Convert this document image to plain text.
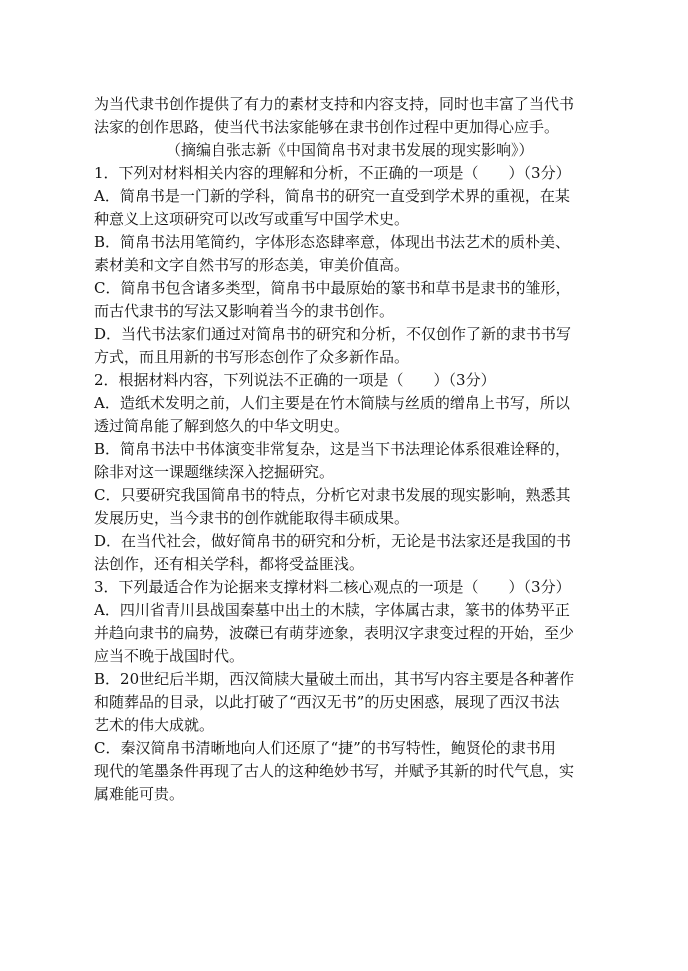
为当代隶书创作提供了有力的素材支持和内容支持，同时也丰富了当代书

法家的创作思路，使当代书法家能够在隶书创作过程中更加得心应手。

（摘编自张志新《中国简帛书对隶书发展的现实影响》）

1．下列对材料相关内容的理解和分析，不正确的一项是（　　）（3分）

A．简帛书是一门新的学科，简帛书的研究一直受到学术界的重视，在某

种意义上这项研究可以改写或重写中国学术史。

B．简帛书法用笔简约，字体形态恣肆率意，体现出书法艺术的质朴美、

素材美和文字自然书写的形态美，审美价值高。

C．简帛书包含诸多类型，简帛书中最原始的篆书和草书是隶书的雏形，

而古代隶书的写法又影响着当今的隶书创作。

D．当代书法家们通过对简帛书的研究和分析，不仅创作了新的隶书书写

方式，而且用新的书写形态创作了众多新作品。

2．根据材料内容，下列说法不正确的一项是（　　）（3分）

A．造纸术发明之前，人们主要是在竹木简牍与丝质的缯帛上书写，所以

透过简帛能了解到悠久的中华文明史。

B．简帛书法中书体演变非常复杂，这是当下书法理论体系很难诠释的，

除非对这一课题继续深入挖掘研究。

C．只要研究我国简帛书的特点，分析它对隶书发展的现实影响，熟悉其

发展历史，当今隶书的创作就能取得丰硕成果。

D．在当代社会，做好简帛书的研究和分析，无论是书法家还是我国的书

法创作，还有相关学科，都将受益匪浅。

3．下列最适合作为论据来支撑材料二核心观点的一项是（　　）（3分）

A．四川省青川县战国秦墓中出土的木牍，字体属古隶，篆书的体势平正

并趋向隶书的扁势，波磔已有萌芽迹象，表明汉字隶变过程的开始，至少

应当不晚于战国时代。

B．20世纪后半期，西汉简牍大量破土而出，其书写内容主要是各种著作

和随葬品的目录，以此打破了“西汉无书”的历史困惑，展现了西汉书法

艺术的伟大成就。

C．秦汉简帛书清晰地向人们还原了“捷”的书写特性，鲍贤伦的隶书用

现代的笔墨条件再现了古人的这种绝妙书写，并赋予其新的时代气息，实

属难能可贵。
